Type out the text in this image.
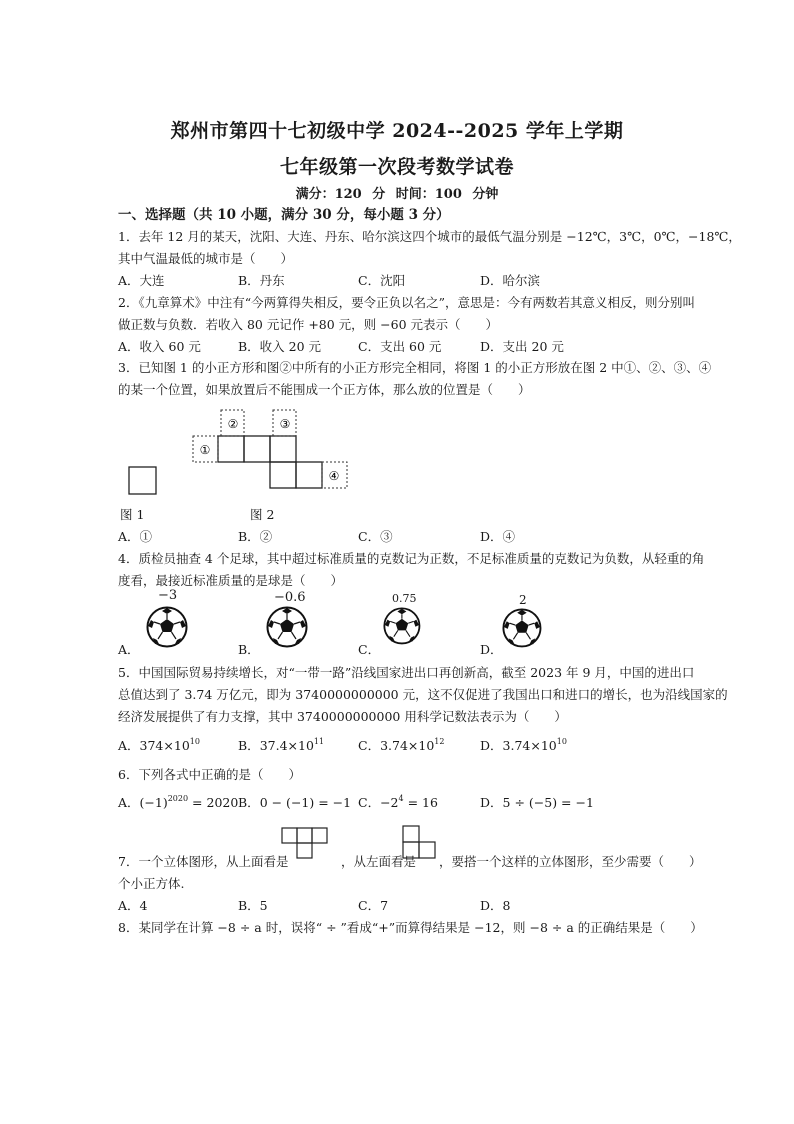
郑州市第四十七初级中学 2024--2025 学年上学期
七年级第一次段考数学试卷
满分：120 分 时间：100 分钟
一、选择题（共 10 小题，满分 30 分，每小题 3 分）
1．去年 12 月的某天，沈阳、大连、丹东、哈尔滨这四个城市的最低气温分别是 −12℃，3℃，0℃，−18℃，
其中气温最低的城市是（　　）
A．大连	B．丹东	C．沈阳	D．哈尔滨
2．《九章算术》中注有“今两算得失相反，要令正负以名之”，意思是：今有两数若其意义相反，则分别叫
做正数与负数．若收入 80 元记作 +80 元，则 −60 元表示（　　）
A．收入 60 元	B．收入 20 元	C．支出 60 元	D．支出 20 元
3．已知图 1 的小正方形和图②中所有的小正方形完全相同，将图 1 的小正方形放在图 2 中①、②、③、④
的某一个位置，如果放置后不能围成一个正方体，那么放的位置是（　　）
图 1
①
②	③
④
图 2
A．①	B．②	C．③	D．④
4．质检员抽查 4 个足球，其中超过标准质量的克数记为正数，不足标准质量的克数记为负数，从轻重的角
度看，最接近标准质量的是球是（　　）
A．
−3
B．
−0.6
C．
0.75
D．
2
5．中国国际贸易持续增长，对“一带一路”沿线国家进出口再创新高，截至 2023 年 9 月，中国的进出口
总值达到了 3.74 万亿元，即为 3740000000000 元，这不仅促进了我国出口和进口的增长，也为沿线国家的
经济发展提供了有力支撑，其中 3740000000000 用科学记数法表示为（　　）
A．$374\times 10^{10}$	B．$37.4\times 10^{11}$	C．$3.74\times 10^{12}$	D．$3.74\times 10^{10}$
6．下列各式中正确的是（　　）
A．$(-1)^{2020} = 2020$ B．0 − (−1) = −1 C．$-2^4 = 16$	D．5 ÷ (−5) = −1
7．一个立体图形，从上面看是	，从左面看是 ，要搭一个这样的立体图形，至少需要（　　）
个小正方体.
A．4	B．5	C．7	D．8
8．某同学在计算 −8 ÷ a 时，误将“ ÷ ”看成“+”而算得结果是 −12，则 −8 ÷ a 的正确结果是（　　）
